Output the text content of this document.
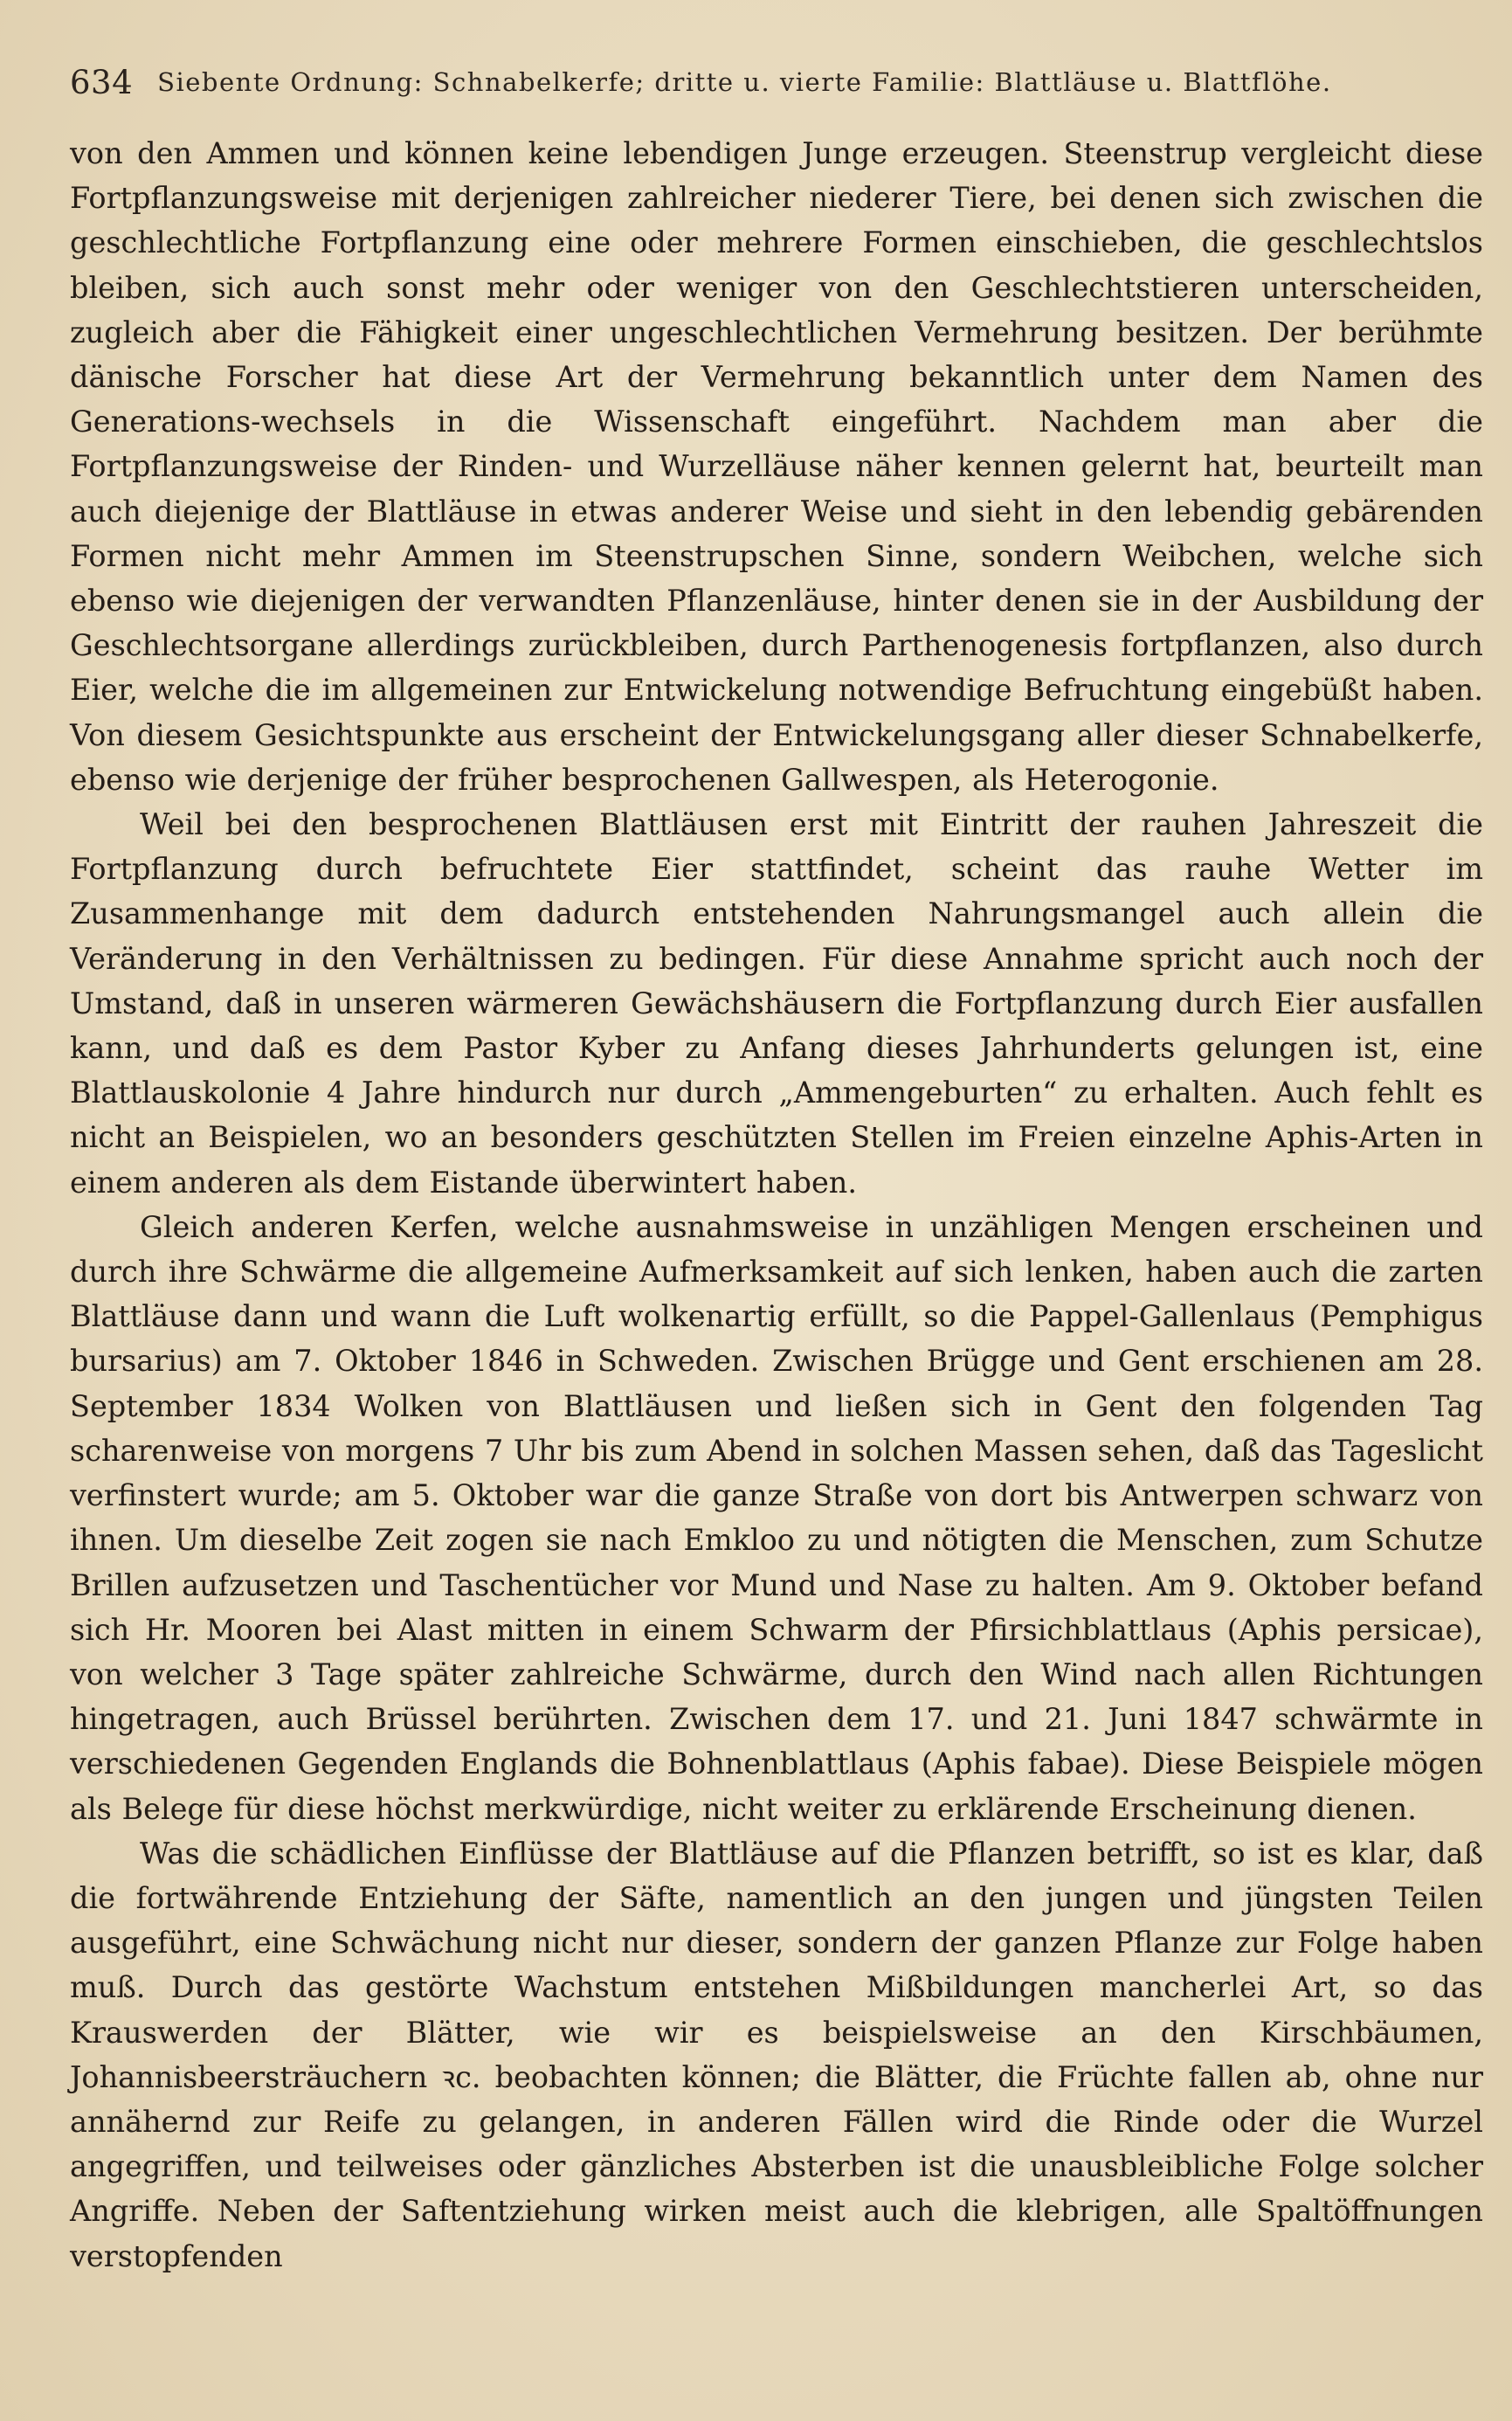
634 Siebente Ordnung: Schnabelkerfe; dritte u. vierte Familie: Blattläuse u. Blattflöhe.

von den Ammen und können keine lebendigen Junge erzeugen. Steenstrup vergleicht diese Fortpflanzungsweise mit derjenigen zahlreicher niederer Tiere, bei denen sich zwischen die geschlechtliche Fortpflanzung eine oder mehrere Formen einschieben, die geschlechtslos bleiben, sich auch sonst mehr oder weniger von den Geschlechtstieren unterscheiden, zugleich aber die Fähigkeit einer ungeschlechtlichen Vermehrung besitzen. Der berühmte dänische Forscher hat diese Art der Vermehrung bekanntlich unter dem Namen des Generations-wechsels in die Wissenschaft eingeführt. Nachdem man aber die Fortpflanzungsweise der Rinden- und Wurzelläuse näher kennen gelernt hat, beurteilt man auch diejenige der Blattläuse in etwas anderer Weise und sieht in den lebendig gebärenden Formen nicht mehr Ammen im Steenstrupschen Sinne, sondern Weibchen, welche sich ebenso wie diejenigen der verwandten Pflanzenläuse, hinter denen sie in der Ausbildung der Geschlechtsorgane allerdings zurückbleiben, durch Parthenogenesis fortpflanzen, also durch Eier, welche die im allgemeinen zur Entwickelung notwendige Befruchtung eingebüßt haben. Von diesem Gesichtspunkte aus erscheint der Entwickelungsgang aller dieser Schnabelkerfe, ebenso wie derjenige der früher besprochenen Gallwespen, als Heterogonie.

Weil bei den besprochenen Blattläusen erst mit Eintritt der rauhen Jahreszeit die Fortpflanzung durch befruchtete Eier stattfindet, scheint das rauhe Wetter im Zusammenhange mit dem dadurch entstehenden Nahrungsmangel auch allein die Veränderung in den Verhältnissen zu bedingen. Für diese Annahme spricht auch noch der Umstand, daß in unseren wärmeren Gewächshäusern die Fortpflanzung durch Eier ausfallen kann, und daß es dem Pastor Kyber zu Anfang dieses Jahrhunderts gelungen ist, eine Blattlauskolonie 4 Jahre hindurch nur durch „Ammengeburten“ zu erhalten. Auch fehlt es nicht an Beispielen, wo an besonders geschützten Stellen im Freien einzelne Aphis-Arten in einem anderen als dem Eistande überwintert haben.

Gleich anderen Kerfen, welche ausnahmsweise in unzähligen Mengen erscheinen und durch ihre Schwärme die allgemeine Aufmerksamkeit auf sich lenken, haben auch die zarten Blattläuse dann und wann die Luft wolkenartig erfüllt, so die Pappel-Gallenlaus (Pemphigus bursarius) am 7. Oktober 1846 in Schweden. Zwischen Brügge und Gent erschienen am 28. September 1834 Wolken von Blattläusen und ließen sich in Gent den folgenden Tag scharenweise von morgens 7 Uhr bis zum Abend in solchen Massen sehen, daß das Tageslicht verfinstert wurde; am 5. Oktober war die ganze Straße von dort bis Antwerpen schwarz von ihnen. Um dieselbe Zeit zogen sie nach Emkloo zu und nötigten die Menschen, zum Schutze Brillen aufzusetzen und Taschentücher vor Mund und Nase zu halten. Am 9. Oktober befand sich Hr. Mooren bei Alast mitten in einem Schwarm der Pfirsichblattlaus (Aphis persicae), von welcher 3 Tage später zahlreiche Schwärme, durch den Wind nach allen Richtungen hingetragen, auch Brüssel berührten. Zwischen dem 17. und 21. Juni 1847 schwärmte in verschiedenen Gegenden Englands die Bohnenblattlaus (Aphis fabae). Diese Beispiele mögen als Belege für diese höchst merkwürdige, nicht weiter zu erklärende Erscheinung dienen.

Was die schädlichen Einflüsse der Blattläuse auf die Pflanzen betrifft, so ist es klar, daß die fortwährende Entziehung der Säfte, namentlich an den jungen und jüngsten Teilen ausgeführt, eine Schwächung nicht nur dieser, sondern der ganzen Pflanze zur Folge haben muß. Durch das gestörte Wachstum entstehen Mißbildungen mancherlei Art, so das Krauswerden der Blätter, wie wir es beispielsweise an den Kirschbäumen, Johannisbeersträuchern ꝛc. beobachten können; die Blätter, die Früchte fallen ab, ohne nur annähernd zur Reife zu gelangen, in anderen Fällen wird die Rinde oder die Wurzel angegriffen, und teilweises oder gänzliches Absterben ist die unausbleibliche Folge solcher Angriffe. Neben der Saftentziehung wirken meist auch die klebrigen, alle Spaltöffnungen verstopfenden
